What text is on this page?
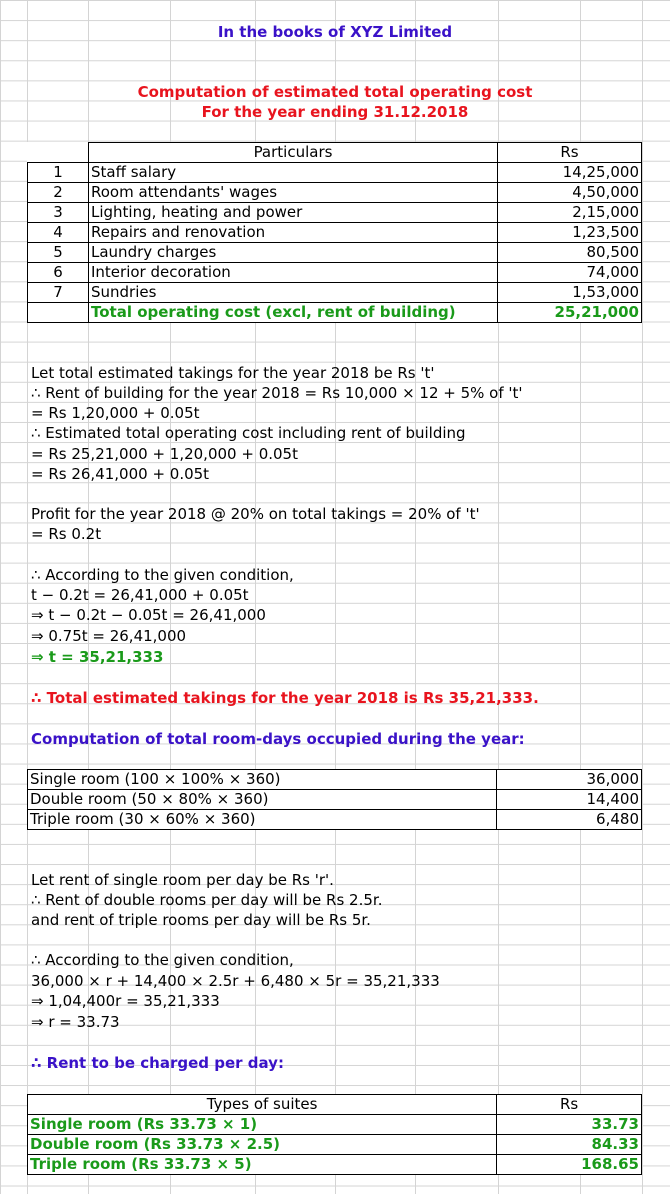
In the books of XYZ Limited
Computation of estimated total operating cost
For the year ending 31.12.2018
	Particulars	Rs
1	Staff salary	14,25,000
2	Room attendants' wages	4,50,000
3	Lighting, heating and power	2,15,000
4	Repairs and renovation	1,23,500
5	Laundry charges	80,500
6	Interior decoration	74,000
7	Sundries	1,53,000
	Total operating cost (excl, rent of building)	25,21,000
Let total estimated takings for the year 2018 be Rs 't'
∴ Rent of building for the year 2018 = Rs 10,000 × 12 + 5% of 't'
= Rs 1,20,000 + 0.05t
∴ Estimated total operating cost including rent of building
= Rs 25,21,000 + 1,20,000 + 0.05t
= Rs 26,41,000 + 0.05t
Profit for the year 2018 @ 20% on total takings = 20% of 't'
= Rs 0.2t
∴ According to the given condition,
t − 0.2t = 26,41,000 + 0.05t
⇒ t − 0.2t − 0.05t = 26,41,000
⇒ 0.75t = 26,41,000
⇒ t = 35,21,333
∴ Total estimated takings for the year 2018 is Rs 35,21,333.
Computation of total room-days occupied during the year:
Single room (100 × 100% × 360)	36,000
Double room (50 × 80% × 360)	14,400
Triple room (30 × 60% × 360)	6,480
Let rent of single room per day be Rs 'r'.
∴ Rent of double rooms per day will be Rs 2.5r.
and rent of triple rooms per day will be Rs 5r.
∴ According to the given condition,
36,000 × r + 14,400 × 2.5r + 6,480 × 5r = 35,21,333
⇒ 1,04,400r = 35,21,333
⇒ r = 33.73
∴ Rent to be charged per day:
Types of suites	Rs
Single room (Rs 33.73 × 1)	33.73
Double room (Rs 33.73 × 2.5)	84.33
Triple room (Rs 33.73 × 5)	168.65
